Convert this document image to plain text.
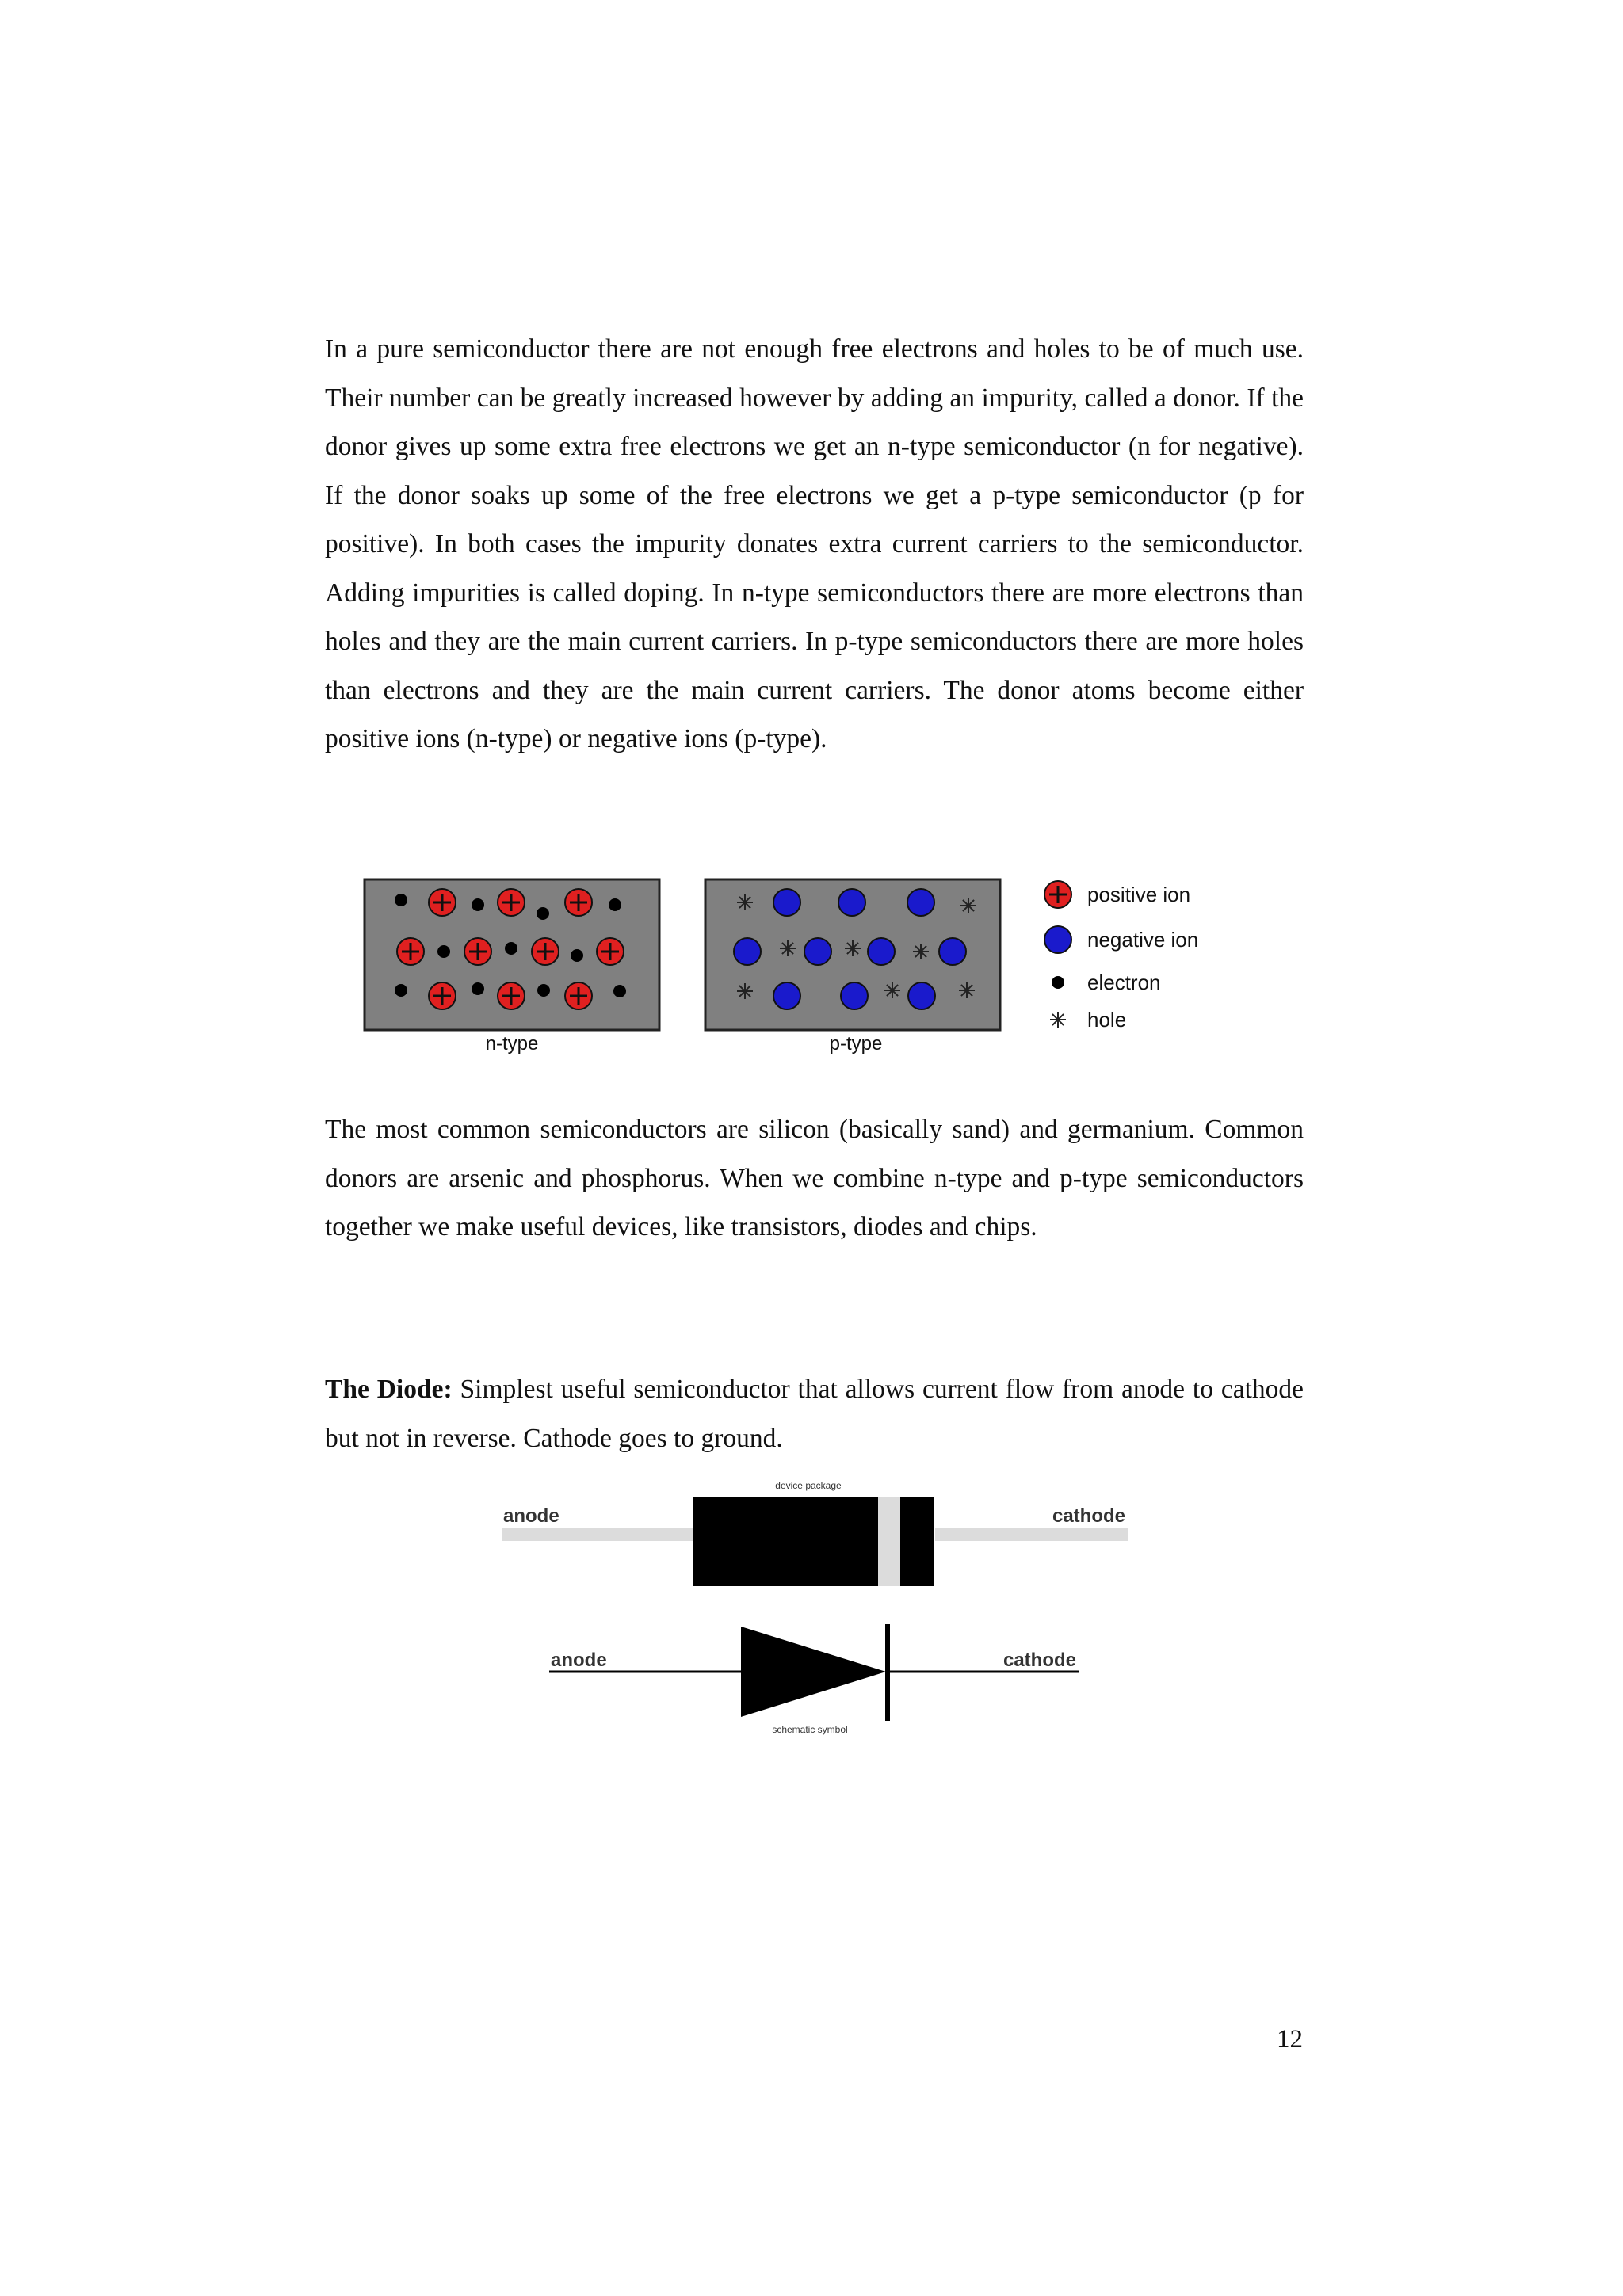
In a pure semiconductor there are not enough free electrons and holes to be of much use. Their number can be greatly increased however by adding an impurity, called a donor. If the donor gives up some extra free electrons we get an n-type semiconductor (n for negative). If the donor soaks up some of the free electrons we get a p-type semiconductor (p for positive). In both cases the impurity donates extra current carriers to the semiconductor. Adding impurities is called doping. In n-type semiconductors there are more electrons than holes and they are the main current carriers. In p-type semiconductors there are more holes than electrons and they are the main current carriers. The donor atoms become either positive ions (n-type) or negative ions (p-type).

n-type	p-type
positive ion
negative ion
electron
hole

The most common semiconductors are silicon (basically sand) and germanium. Common donors are arsenic and phosphorus. When we combine n-type and p-type semiconductors together we make useful devices, like transistors, diodes and chips.

The Diode: Simplest useful semiconductor that allows current flow from anode to cathode but not in reverse. Cathode goes to ground.

device package
anode	cathode
anode	cathode
schematic symbol
12
